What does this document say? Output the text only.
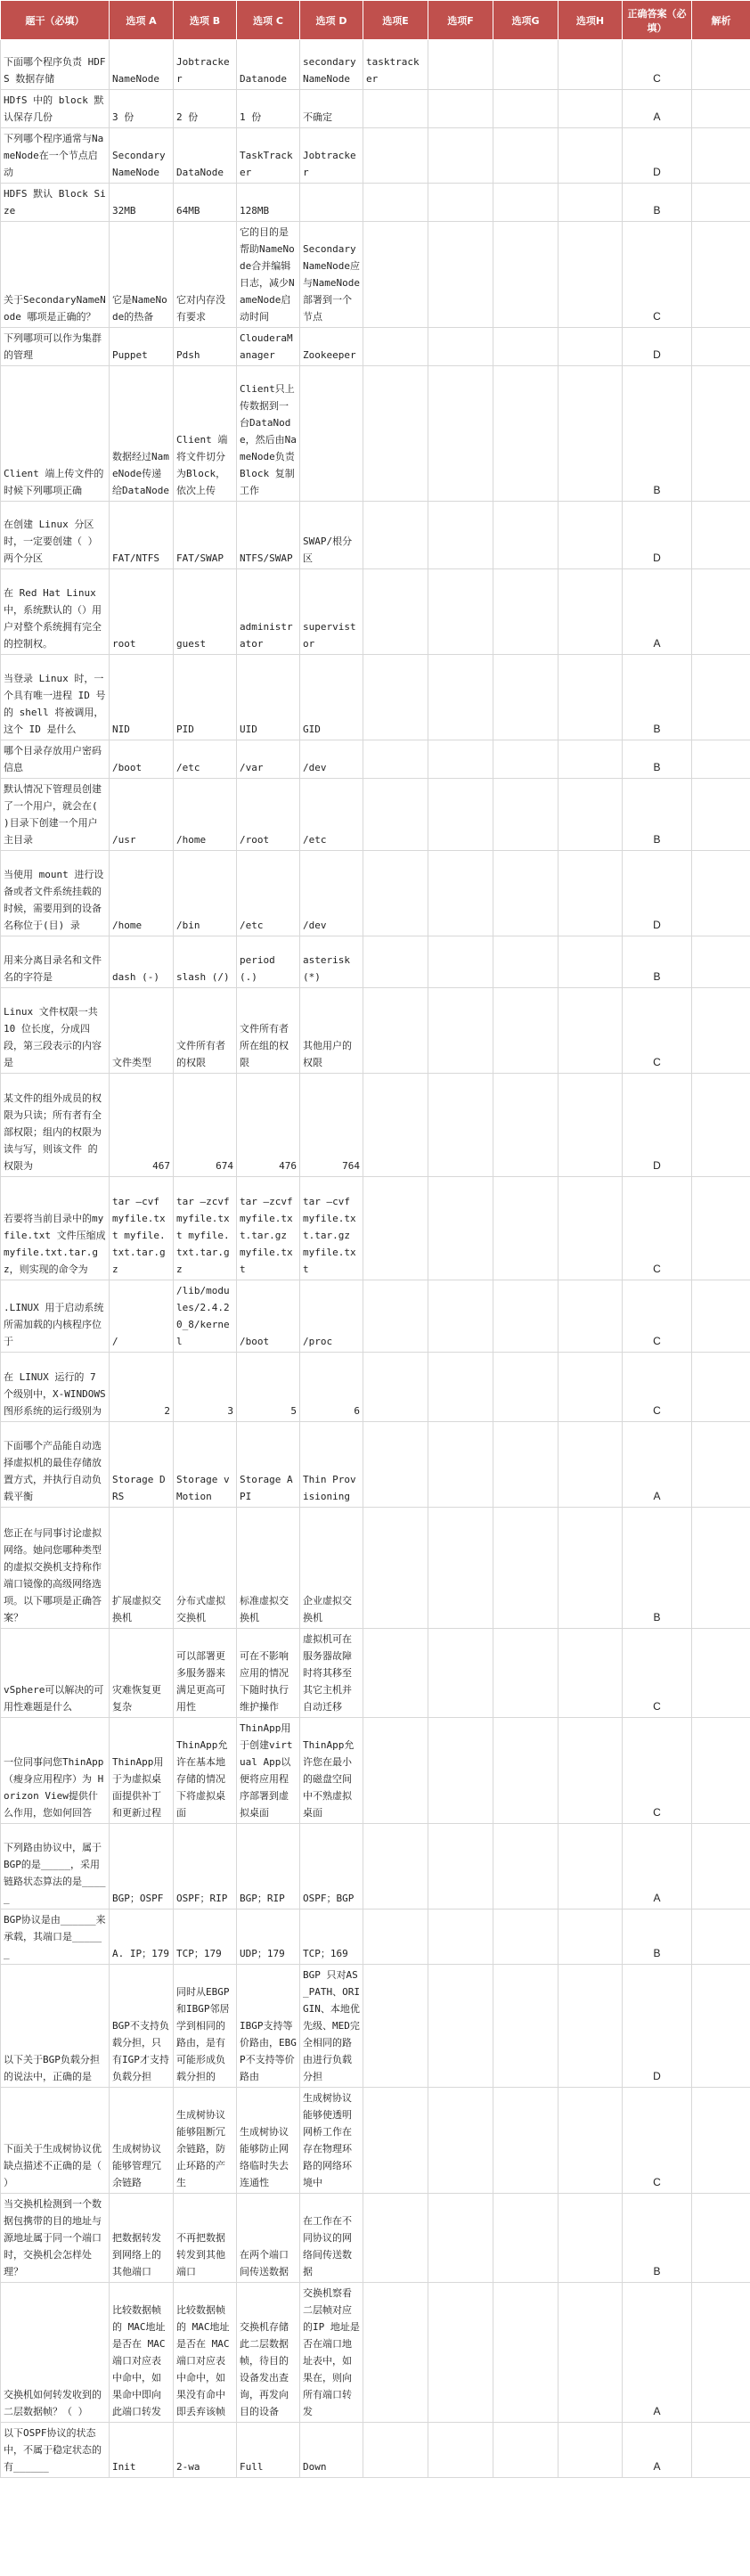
题干（必填）	选项 A	选项 B	选项 C	选项 D	选项E	选项F	选项G	选项H	正确答案（必填）	解析
下面哪个程序负责 HDFS 数据存储	NameNode	Jobtracker	Datanode	secondaryNameNode	tasktracker				C	
HDfS 中的 block 默认保存几份	3 份	2 份	1 份	不确定					A	
下列哪个程序通常与NameNode在一个节点启动	SecondaryNameNode	DataNode	TaskTracker	Jobtracker					D	
HDFS 默认 Block Size	32MB	64MB	128MB						B	
关于SecondaryNameNode 哪项是正确的？	它是NameNode的热备	它对内存没有要求	它的目的是帮助NameNode合并编辑日志，减少NameNode启动时间	SecondaryNameNode应与NameNode部署到一个节点					C	
下列哪项可以作为集群的管理	Puppet	Pdsh	ClouderaManager	Zookeeper					D	
Client 端上传文件的时候下列哪项正确	数据经过NameNode传递给DataNode	Client 端将文件切分为Block，依次上传	Client只上传数据到一台DataNode，然后由NameNode负责Block 复制工作						B	
在创建 Linux 分区时，一定要创建（ ）两个分区	FAT/NTFS	FAT/SWAP	NTFS/SWAP	SWAP/根分区					D	
在 Red Hat Linux中，系统默认的（）用户对整个系统拥有完全的控制权。	root	guest	administrator	supervistor					A	
当登录 Linux 时，一个具有唯一进程 ID 号的 shell 将被调用，这个 ID 是什么	NID	PID	UID	GID					B	
哪个目录存放用户密码信息	/boot	/etc	/var	/dev					B	
默认情况下管理员创建了一个用户，就会在( )目录下创建一个用户主目录	/usr	/home	/root	/etc					B	
当使用 mount 进行设备或者文件系统挂载的时候，需要用到的设备名称位于(目) 录	/home	/bin	/etc	/dev					D	
用来分离目录名和文件名的字符是	dash (-)	slash (/)	period (.)	asterisk (*)					B	
Linux 文件权限一共 10 位长度，分成四段，第三段表示的内容是	文件类型	文件所有者的权限	文件所有者所在组的权限	其他用户的权限					C	
某文件的组外成员的权限为只读；所有者有全部权限；组内的权限为读与写，则该文件 的权限为	467	674	476	764					D	
若要将当前目录中的myfile.txt 文件压缩成myfile.txt.tar.gz，则实现的命令为	tar –cvf myfile.txt myfile.txt.tar.gz	tar –zcvf myfile.txt myfile.txt.tar.gz	tar –zcvf myfile.txt.tar.gz myfile.txt	tar –cvf myfile.txt.tar.gz myfile.txt					C	
.LINUX 用于启动系统所需加载的内核程序位于	/	/lib/modules/2.4.20_8/kernel	/boot	/proc					C	
在 LINUX 运行的 7 个级别中，X-WINDOWS 图形系统的运行级别为	2	3	5	6					C	
下面哪个产品能自动选择虚拟机的最佳存储放置方式，并执行自动负载平衡	Storage DRS	Storage vMotion	Storage API	Thin Provisioning					A	
您正在与同事讨论虚拟网络。她问您哪种类型的虚拟交换机支持称作端口镜像的高级网络选项。以下哪项是正确答案？	扩展虚拟交换机	分布式虚拟交换机	标准虚拟交换机	企业虚拟交换机					B	
vSphere可以解决的可用性难题是什么	灾难恢复更复杂	可以部署更多服务器来满足更高可用性	可在不影响应用的情况下随时执行维护操作	虚拟机可在服务器故障时将其移至其它主机并自动迁移					C	
一位同事问您ThinApp（瘦身应用程序）为 Horizon View提供什么作用，您如何回答	ThinApp用于为虚拟桌面提供补丁和更新过程	ThinApp允许在基本地存储的情况下将虚拟桌面	ThinApp用于创建virtual App以便将应用程序部署到虚拟桌面	ThinApp允许您在最小的磁盘空间中不熟虚拟桌面					C	
下列路由协议中，属于BGP的是_____，采用链路状态算法的是_____	BGP；OSPF	OSPF；RIP	BGP；RIP	OSPF；BGP					A	
BGP协议是由______来承载，其端口是______	A. IP；179	TCP；179	UDP；179	TCP；169					B	
以下关于BGP负载分担的说法中，正确的是	BGP不支持负载分担，只有IGP才支持负载分担	同时从EBGP和IBGP邻居学到相同的路由，是有可能形成负载分担的	IBGP支持等价路由，EBGP不支持等价路由	BGP 只对AS_PATH、ORIGIN、本地优先级、MED完全相同的路由进行负载分担					D	
下面关于生成树协议优缺点描述不正确的是（ ）	生成树协议能够管理冗余链路	生成树协议能够阻断冗余链路，防止环路的产生	生成树协议能够防止网络临时失去连通性	生成树协议能够使透明网桥工作在存在物理环路的网络环境中					C	
当交换机检测到一个数据包携带的目的地址与源地址属于同一个端口时，交换机会怎样处理？	把数据转发到网络上的其他端口	不再把数据转发到其他端口	在两个端口间传送数据	在工作在不同协议的网络间传送数据					B	
交换机如何转发收到的二层数据帧？（ ）	比较数据帧的 MAC地址是否在 MAC 端口对应表中命中，如果命中即向此端口转发	比较数据帧的 MAC地址是否在 MAC 端口对应表中命中，如果没有命中即丢弃该帧	交换机存储此二层数据帧，待目的设备发出查询，再发向目的设备	交换机察看二层帧对应的IP 地址是否在端口地址表中，如果在，则向所有端口转发					A	
以下OSPF协议的状态中，不属于稳定状态的有______	Init	2-wa	Full	Down					A	
